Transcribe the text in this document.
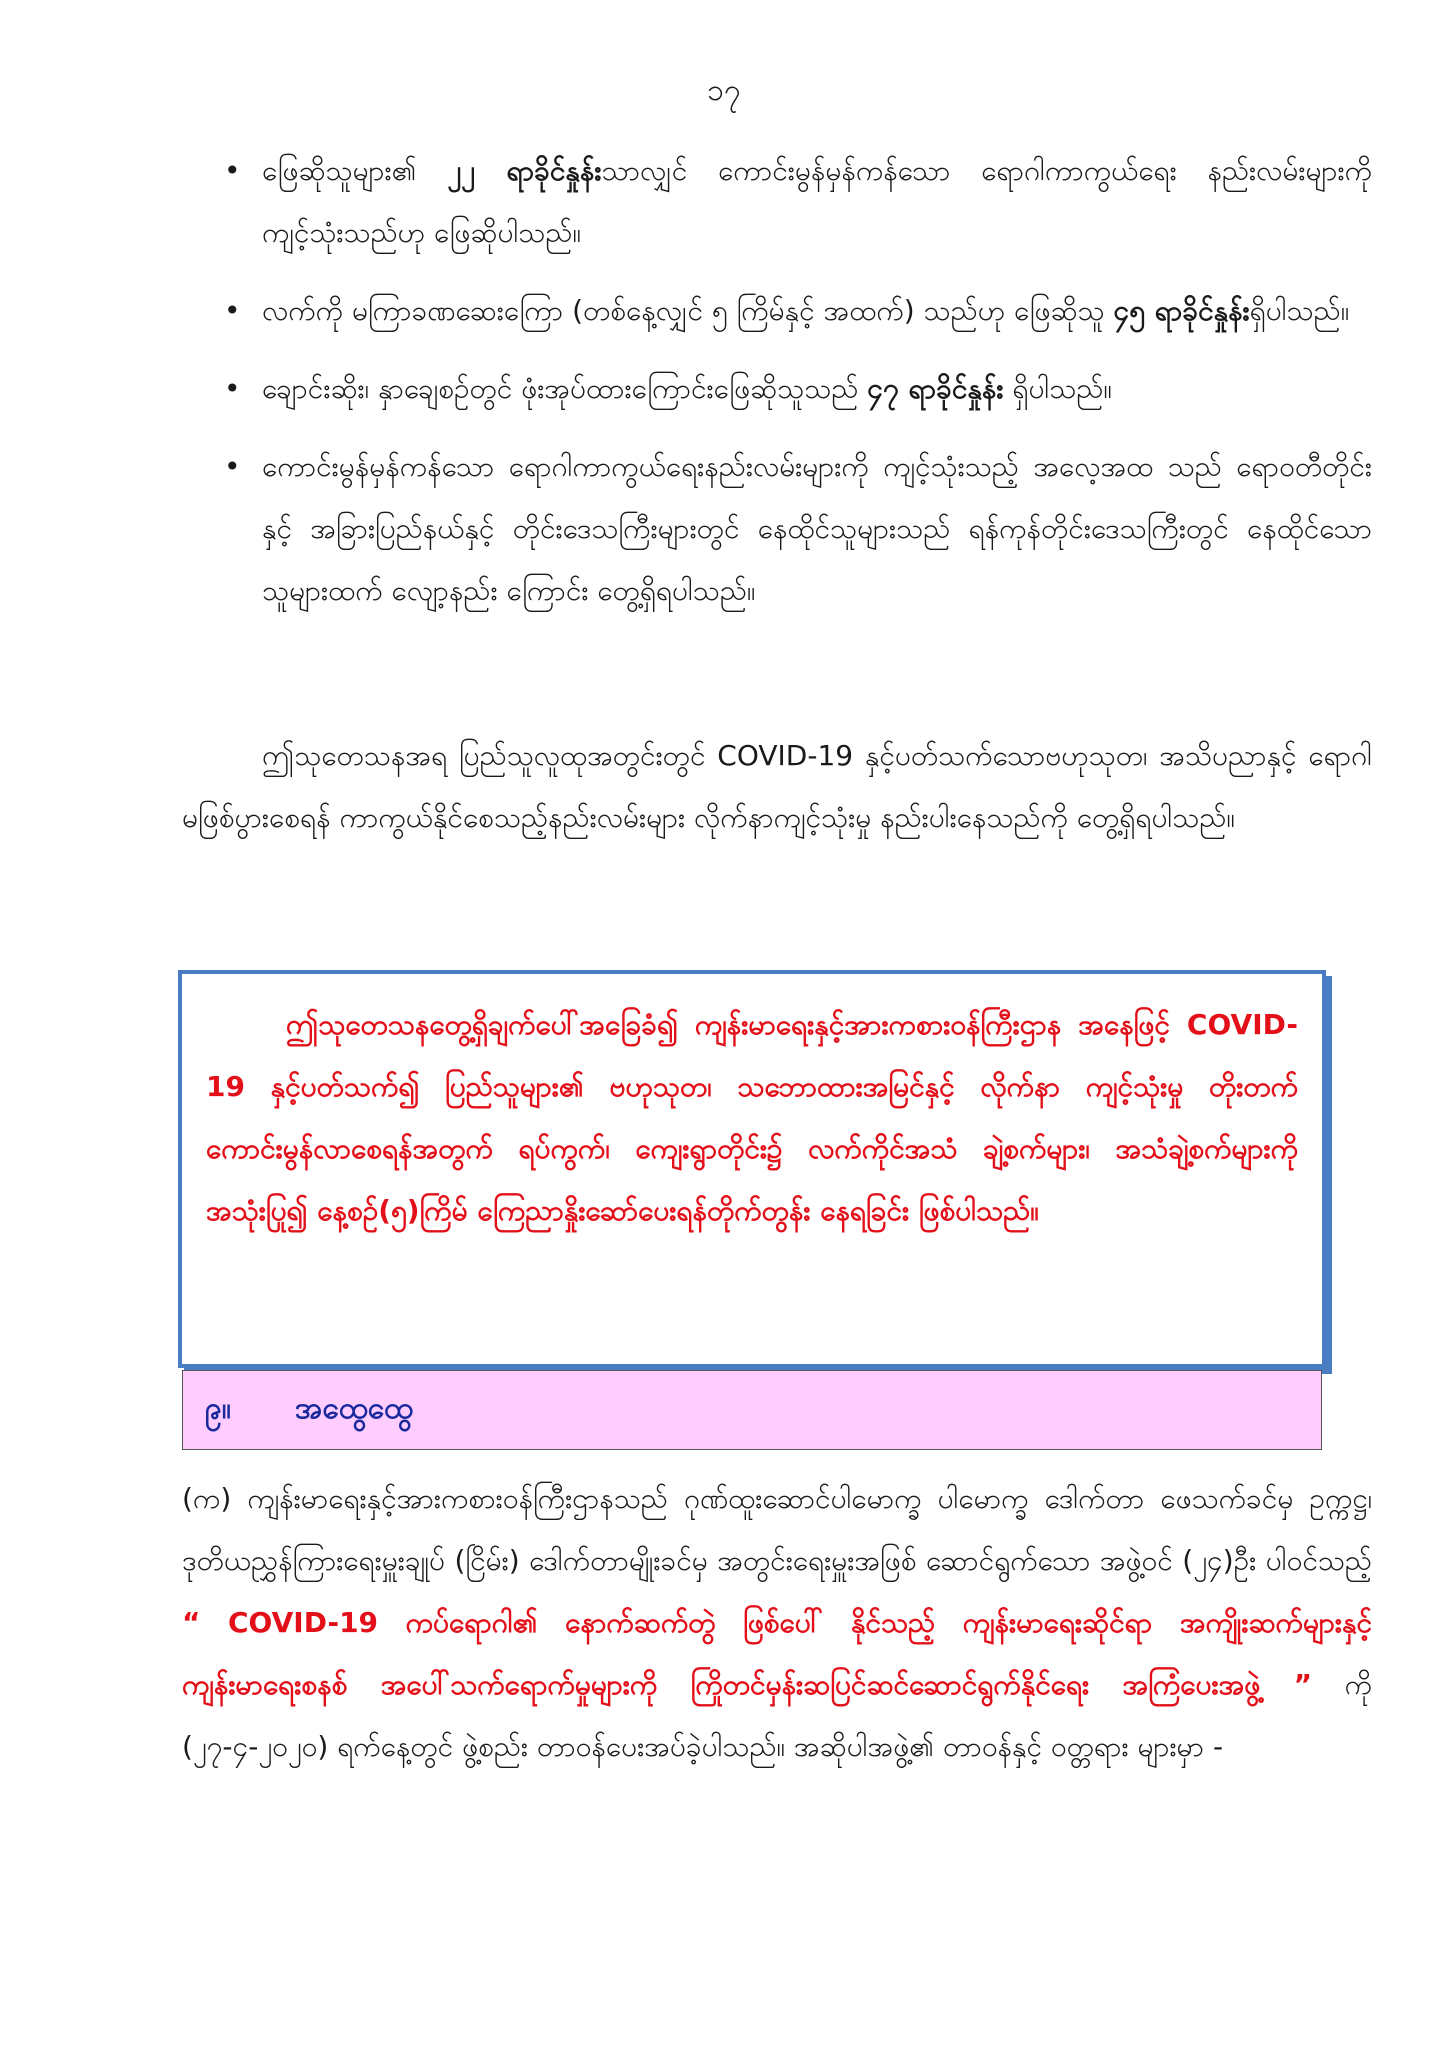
၁၇
• ဖြေဆိုသူများ၏ ၂၂ ရာခိုင်နှုန်းသာလျှင် ကောင်းမွန်မှန်ကန်သော ရောဂါကာကွယ်ရေး နည်းလမ်းများကို ကျင့်သုံးသည်ဟု ဖြေဆိုပါသည်။
• လက်ကို မကြာခဏဆေးကြော (တစ်နေ့လျှင် ၅ ကြိမ်နှင့် အထက်) သည်ဟု ဖြေဆိုသူ ၄၅ ရာခိုင်နှုန်းရှိပါသည်။
• ချောင်းဆိုး၊ နှာချေစဉ်တွင် ဖုံးအုပ်ထားကြောင်းဖြေဆိုသူသည် ၄၇ ရာခိုင်နှုန်း ရှိပါသည်။
• ကောင်းမွန်မှန်ကန်သော ရောဂါကာကွယ်ရေးနည်းလမ်းများကို ကျင့်သုံးသည့် အလေ့အထ သည် ရော၀တီတိုင်းနှင့် အခြားပြည်နယ်နှင့် တိုင်းဒေသကြီးများတွင် နေထိုင်သူများသည် ရန်ကုန်တိုင်းဒေသကြီးတွင် နေထိုင်သောသူများထက် လျော့နည်း ကြောင်း တွေ့ရှိရပါသည်။

ဤသုတေသနအရ ပြည်သူလူထုအတွင်းတွင် COVID-19 နှင့်ပတ်သက်သောဗဟုသုတ၊ အသိပညာနှင့် ရောဂါမဖြစ်ပွားစေရန် ကာကွယ်နိုင်စေသည့်နည်းလမ်းများ လိုက်နာကျင့်သုံးမှု နည်းပါးနေသည်ကို တွေ့ရှိရပါသည်။

ဤသုတေသနတွေ့ရှိချက်ပေါ်အခြေခံ၍ ကျန်းမာရေးနှင့်အားကစားဝန်ကြီးဌာန အနေဖြင့် COVID-19 နှင့်ပတ်သက်၍ ပြည်သူများ၏ ဗဟုသုတ၊ သဘောထားအမြင်နှင့် လိုက်နာ ကျင့်သုံးမှု တိုးတက် ကောင်းမွန်လာစေရန်အတွက် ရပ်ကွက်၊ ကျေးရွာတိုင်း၌ လက်ကိုင်အသံ ချဲ့စက်များ၊ အသံချဲ့စက်များကိုအသုံးပြု၍ နေ့စဉ်(၅)ကြိမ် ကြေညာနှိုးဆော်ပေးရန်တိုက်တွန်း နေရခြင်း ဖြစ်ပါသည်။
၉။	အထွေထွေ

(က) ကျန်းမာရေးနှင့်အားကစားဝန်ကြီးဌာနသည် ဂုဏ်ထူးဆောင်ပါမောက္ခ ပါမောက္ခ ဒေါက်တာ ဖေသက်ခင်မှ ဥက္ကဋ္ဌ၊ ဒုတိယညွှန်ကြားရေးမှူးချုပ် (ငြိမ်း) ဒေါက်တာမျိုးခင်မှ အတွင်းရေးမှူးအဖြစ် ဆောင်ရွက်သော အဖွဲ့ဝင် (၂၄)ဦး ပါဝင်သည့် “ COVID-19 ကပ်ရောဂါ၏ နောက်ဆက်တွဲ ဖြစ်ပေါ် နိုင်သည့် ကျန်းမာရေးဆိုင်ရာ အကျိုးဆက်များနှင့် ကျန်းမာရေးစနစ် အပေါ်သက်ရောက်မှုများကို ကြိုတင်မှန်းဆပြင်ဆင်ဆောင်ရွက်နိုင်ရေး အကြံပေးအဖွဲ့ ” ကို (၂၇-၄-၂၀၂၀) ရက်နေ့တွင် ဖွဲ့စည်း တာဝန်ပေးအပ်ခဲ့ပါသည်။ အဆိုပါအဖွဲ့၏ တာဝန်နှင့် ဝတ္တရား များမှာ -
